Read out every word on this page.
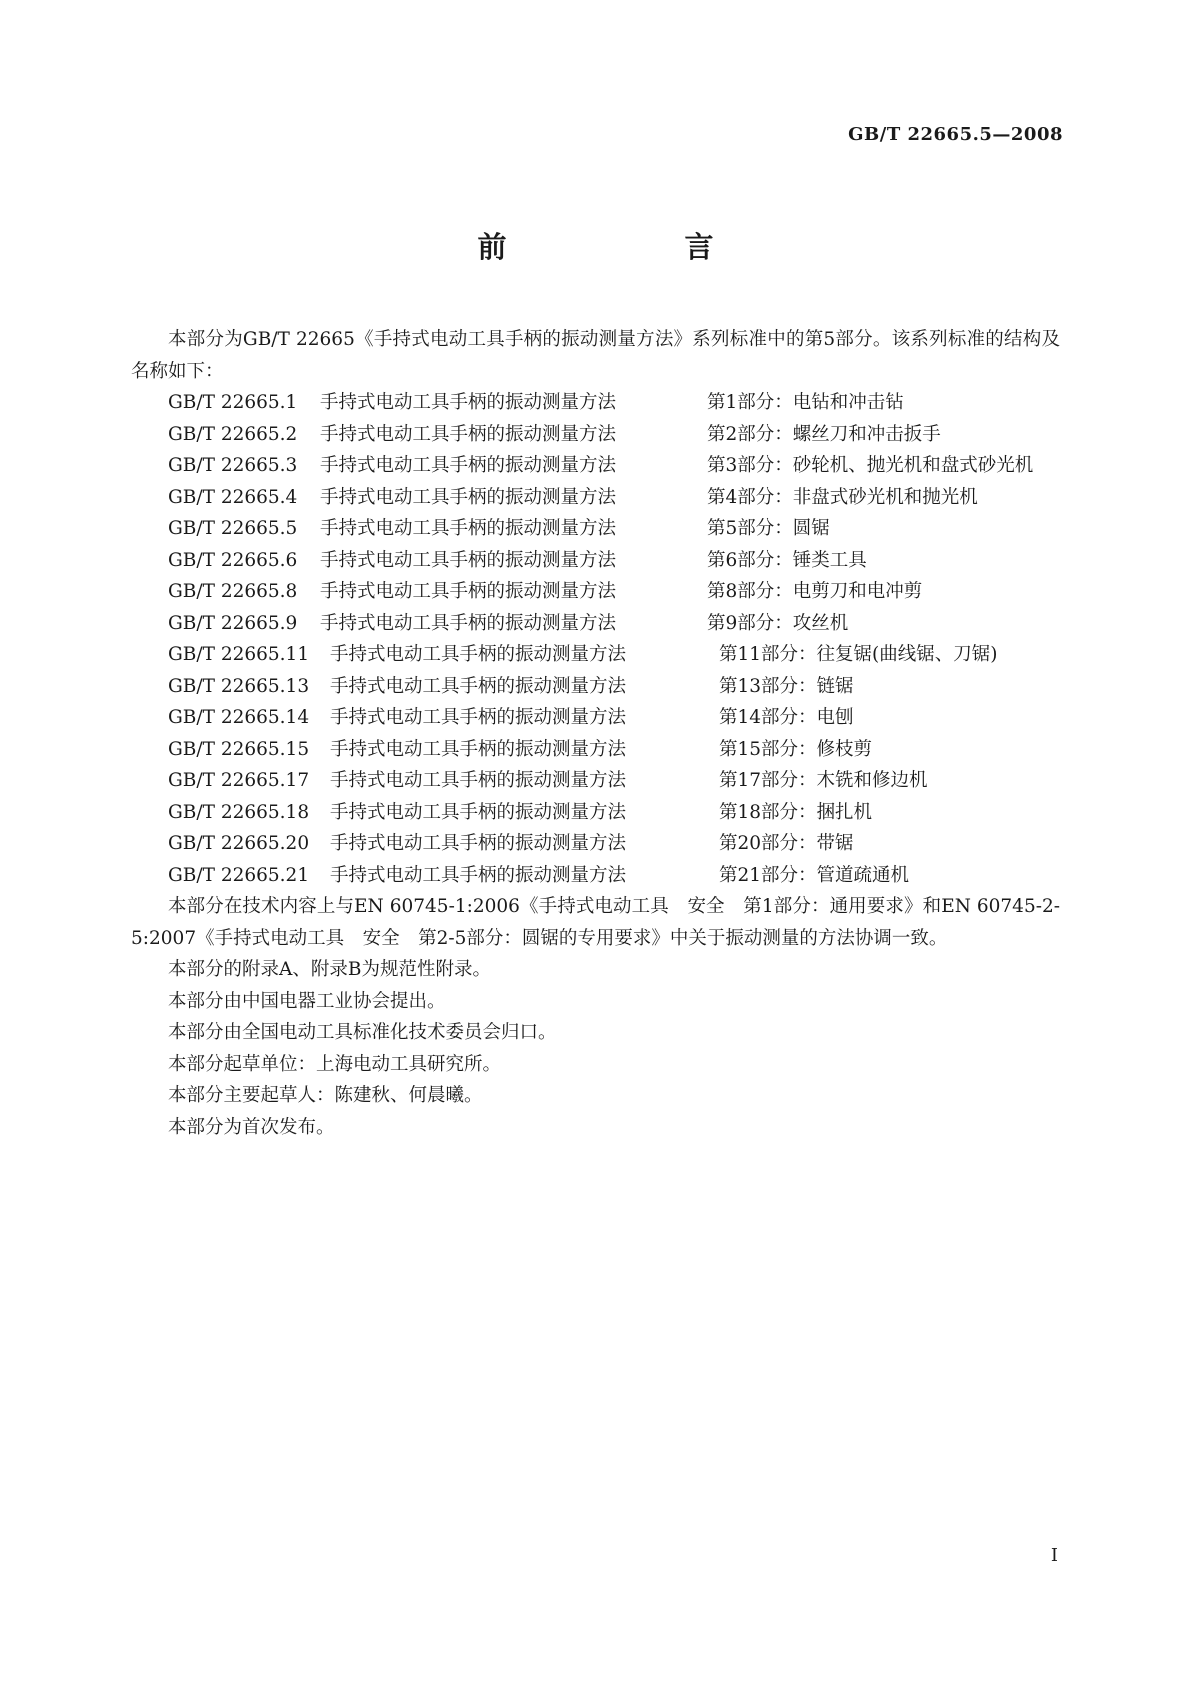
GB/T 22665.5—2008
前　　言

本部分为GB/T 22665《手持式电动工具手柄的振动测量方法》系列标准中的第5部分。该系列标准的结构及名称如下：

GB/T 22665.1 手持式电动工具手柄的振动测量方法	第1部分：电钻和冲击钻
GB/T 22665.2 手持式电动工具手柄的振动测量方法	第2部分：螺丝刀和冲击扳手
GB/T 22665.3 手持式电动工具手柄的振动测量方法	第3部分：砂轮机、抛光机和盘式砂光机
GB/T 22665.4 手持式电动工具手柄的振动测量方法	第4部分：非盘式砂光机和抛光机
GB/T 22665.5 手持式电动工具手柄的振动测量方法	第5部分：圆锯
GB/T 22665.6 手持式电动工具手柄的振动测量方法	第6部分：锤类工具
GB/T 22665.8 手持式电动工具手柄的振动测量方法	第8部分：电剪刀和电冲剪
GB/T 22665.9 手持式电动工具手柄的振动测量方法	第9部分：攻丝机
GB/T 22665.11 手持式电动工具手柄的振动测量方法	第11部分：往复锯(曲线锯、刀锯)
GB/T 22665.13 手持式电动工具手柄的振动测量方法	第13部分：链锯
GB/T 22665.14 手持式电动工具手柄的振动测量方法	第14部分：电刨
GB/T 22665.15 手持式电动工具手柄的振动测量方法	第15部分：修枝剪
GB/T 22665.17 手持式电动工具手柄的振动测量方法	第17部分：木铣和修边机
GB/T 22665.18 手持式电动工具手柄的振动测量方法	第18部分：捆扎机
GB/T 22665.20 手持式电动工具手柄的振动测量方法	第20部分：带锯
GB/T 22665.21 手持式电动工具手柄的振动测量方法	第21部分：管道疏通机

本部分在技术内容上与EN 60745-1:2006《手持式电动工具　安全　第1部分：通用要求》和EN 60745-2-5:2007《手持式电动工具　安全　第2-5部分：圆锯的专用要求》中关于振动测量的方法协调一致。

本部分的附录A、附录B为规范性附录。

本部分由中国电器工业协会提出。

本部分由全国电动工具标准化技术委员会归口。

本部分起草单位：上海电动工具研究所。

本部分主要起草人：陈建秋、何晨曦。

本部分为首次发布。

I
